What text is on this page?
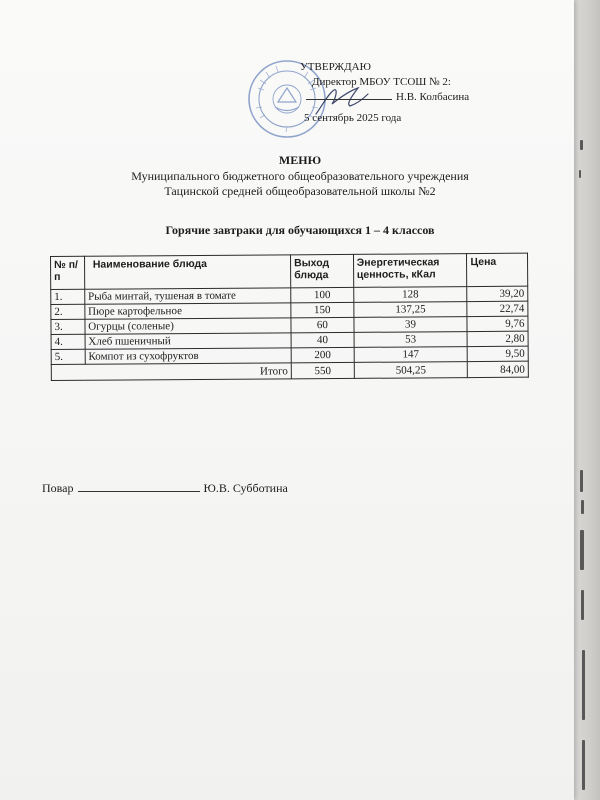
УТВЕРЖДАЮ
Директор МБОУ ТСОШ № 2:
Н.В. Колбасина
5 сентябрь 2025 года
МЕНЮ
Муниципального бюджетного общеобразовательного учреждения
Тацинской средней общеобразовательной школы №2
Горячие завтраки для обучающихся 1 – 4 классов
№ п/п	Наименование блюда	Выход блюда	Энергетическая ценность, кКал	Цена
1.	Рыба минтай, тушеная в томате	100	128	39,20
2.	Пюре картофельное	150	137,25	22,74
3.	Огурцы (соленые)	60	39	9,76
4.	Хлеб пшеничный	40	53	2,80
5.	Компот из сухофруктов	200	147	9,50
Итого		550	504,25	84,00
Повар	Ю.В. Субботина
